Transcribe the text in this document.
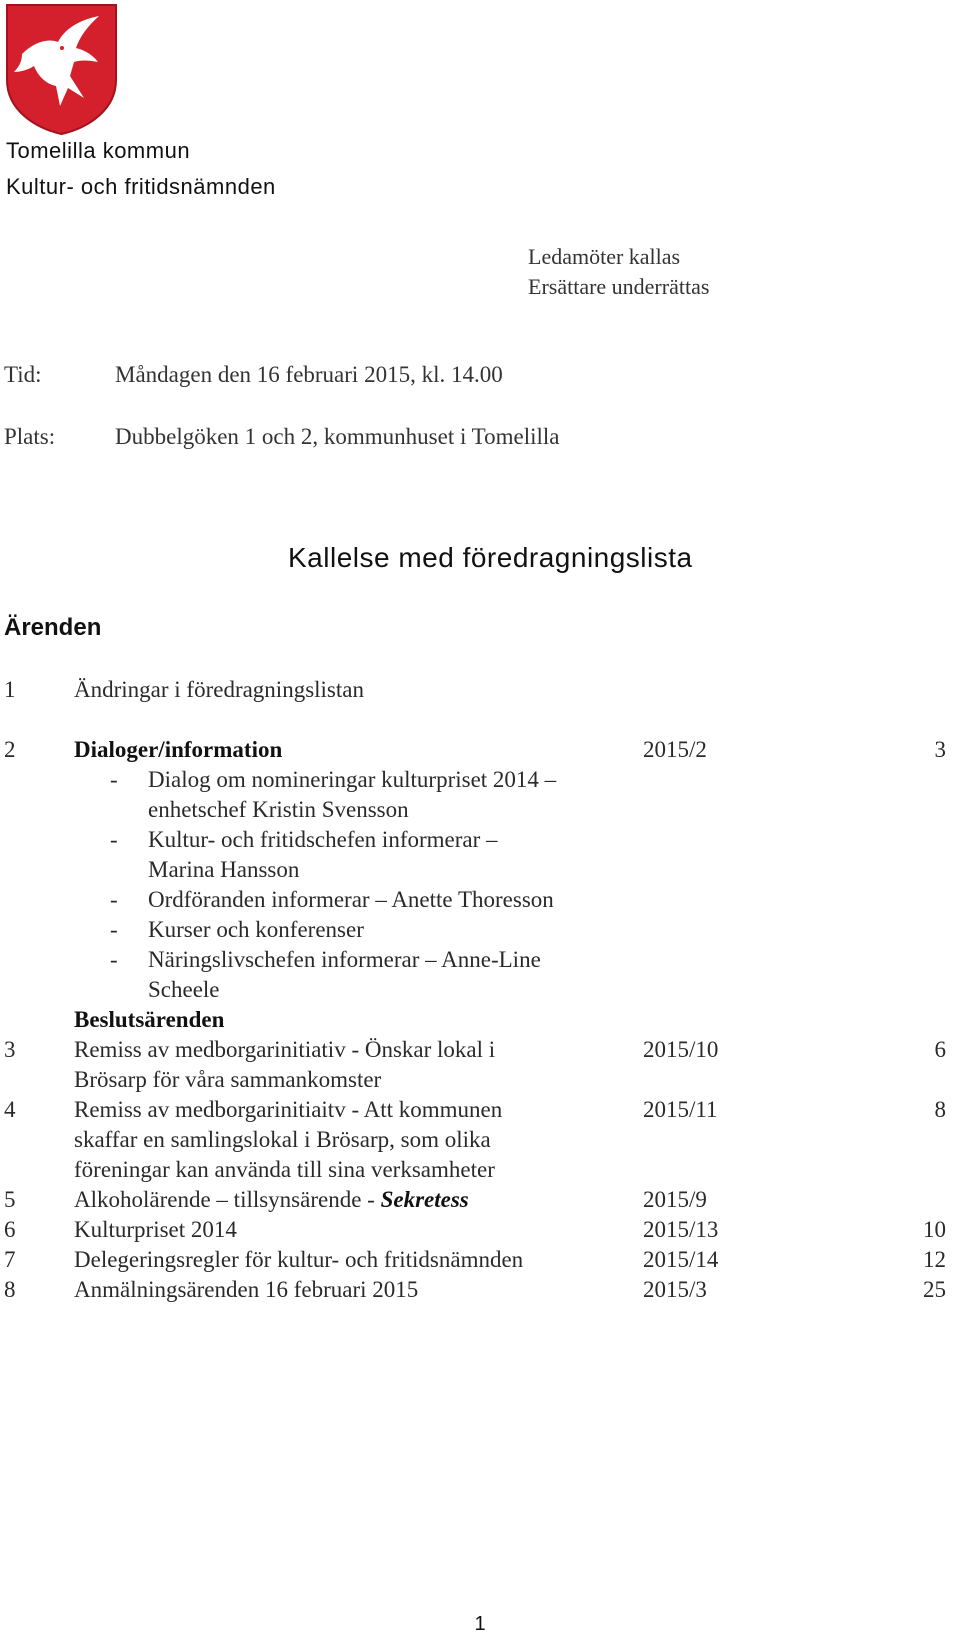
Tomelilla kommun
Kultur- och fritidsnämnden
Ledamöter kallas
Ersättare underrättas
Tid:	Måndagen den 16 februari 2015, kl. 14.00
Plats:	Dubbelgöken 1 och 2, kommunhuset i Tomelilla
Kallelse med föredragningslista
Ärenden
1	Ändringar i föredragningslistan
2	Dialoger/information	2015/2	3
- Dialog om nomineringar kulturpriset 2014 –
enhetschef Kristin Svensson
- Kultur- och fritidschefen informerar –
Marina Hansson
- Ordföranden informerar – Anette Thoresson
- Kurser och konferenser
- Näringslivschefen informerar – Anne-Line
Scheele
Beslutsärenden
3	Remiss av medborgarinitiativ - Önskar lokal i
Brösarp för våra sammankomster
2015/10	6
4	Remiss av medborgarinitiaitv - Att kommunen
skaffar en samlingslokal i Brösarp, som olika
föreningar kan använda till sina verksamheter
2015/11	8
5	Alkoholärende – tillsynsärende - Sekretess	2015/9
6	Kulturpriset 2014	2015/13	10
7	Delegeringsregler för kultur- och fritidsnämnden	2015/14	12
8	Anmälningsärenden 16 februari 2015	2015/3	25
1
